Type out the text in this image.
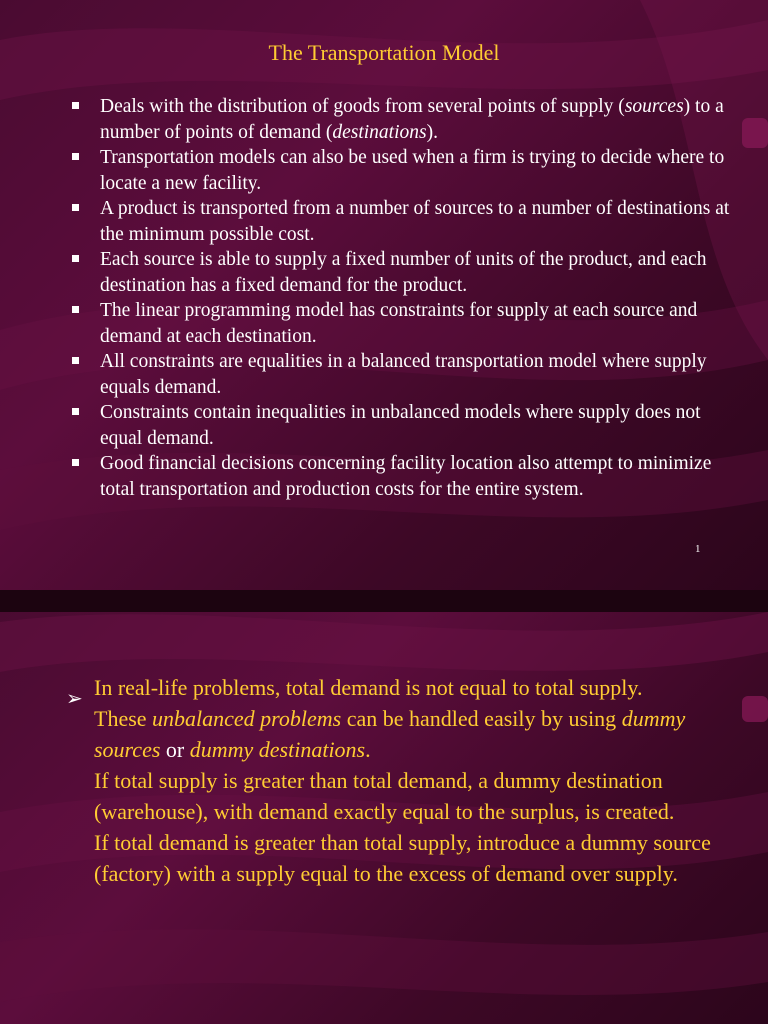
The Transportation Model
Deals with the distribution of goods from several points of supply (sources) to a number of points of demand (destinations).
Transportation models can also be used when a firm is trying to decide where to locate a new facility.
A product is transported from a number of sources to a number of destinations at the minimum possible cost.
Each source is able to supply a fixed number of units of the product, and each destination has a fixed demand for the product.
The linear programming model has constraints for supply at each source and demand at each destination.
All constraints are equalities in a balanced transportation model where supply equals demand.
Constraints contain inequalities in unbalanced models where supply does not equal demand.
Good financial decisions concerning facility location also attempt to minimize total transportation and production costs for the entire system.
1
➢ In real-life problems, total demand is not equal to total supply.

These unbalanced problems can be handled easily by using dummy sources or dummy destinations.

If total supply is greater than total demand, a dummy destination (warehouse), with demand exactly equal to the surplus, is created.

If total demand is greater than total supply, introduce a dummy source (factory) with a supply equal to the excess of demand over supply.
